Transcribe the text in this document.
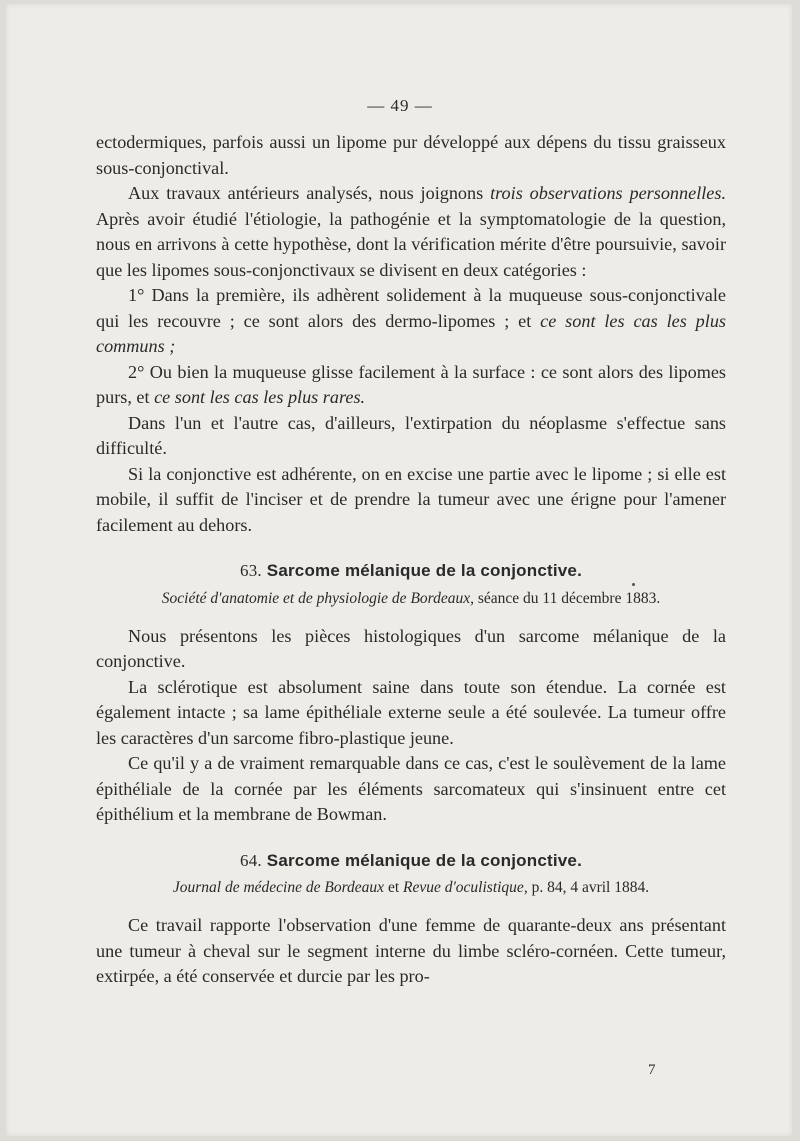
— 49 —

ectodermiques, parfois aussi un lipome pur développé aux dépens du tissu graisseux sous-conjonctival.

Aux travaux antérieurs analysés, nous joignons trois observations personnelles. Après avoir étudié l'étiologie, la pathogénie et la symptomatologie de la question, nous en arrivons à cette hypothèse, dont la vérification mérite d'être poursuivie, savoir que les lipomes sous-conjonctivaux se divisent en deux catégories :

1° Dans la première, ils adhèrent solidement à la muqueuse sous-conjonctivale qui les recouvre ; ce sont alors des dermo-lipomes ; et ce sont les cas les plus communs ;

2° Ou bien la muqueuse glisse facilement à la surface : ce sont alors des lipomes purs, et ce sont les cas les plus rares.

Dans l'un et l'autre cas, d'ailleurs, l'extirpation du néoplasme s'effectue sans difficulté.

Si la conjonctive est adhérente, on en excise une partie avec le lipome ; si elle est mobile, il suffit de l'inciser et de prendre la tumeur avec une érigne pour l'amener facilement au dehors.

63. Sarcome mélanique de la conjonctive.
Société d'anatomie et de physiologie de Bordeaux, séance du 11 décembre 1883.

Nous présentons les pièces histologiques d'un sarcome mélanique de la conjonctive.

La sclérotique est absolument saine dans toute son étendue. La cornée est également intacte ; sa lame épithéliale externe seule a été soulevée. La tumeur offre les caractères d'un sarcome fibro-plastique jeune.

Ce qu'il y a de vraiment remarquable dans ce cas, c'est le soulèvement de la lame épithéliale de la cornée par les éléments sarcomateux qui s'insinuent entre cet épithélium et la membrane de Bowman.

64. Sarcome mélanique de la conjonctive.
Journal de médecine de Bordeaux et Revue d'oculistique, p. 84, 4 avril 1884.

Ce travail rapporte l'observation d'une femme de quarante-deux ans présentant une tumeur à cheval sur le segment interne du limbe scléro-cornéen. Cette tumeur, extirpée, a été conservée et durcie par les pro-

7
